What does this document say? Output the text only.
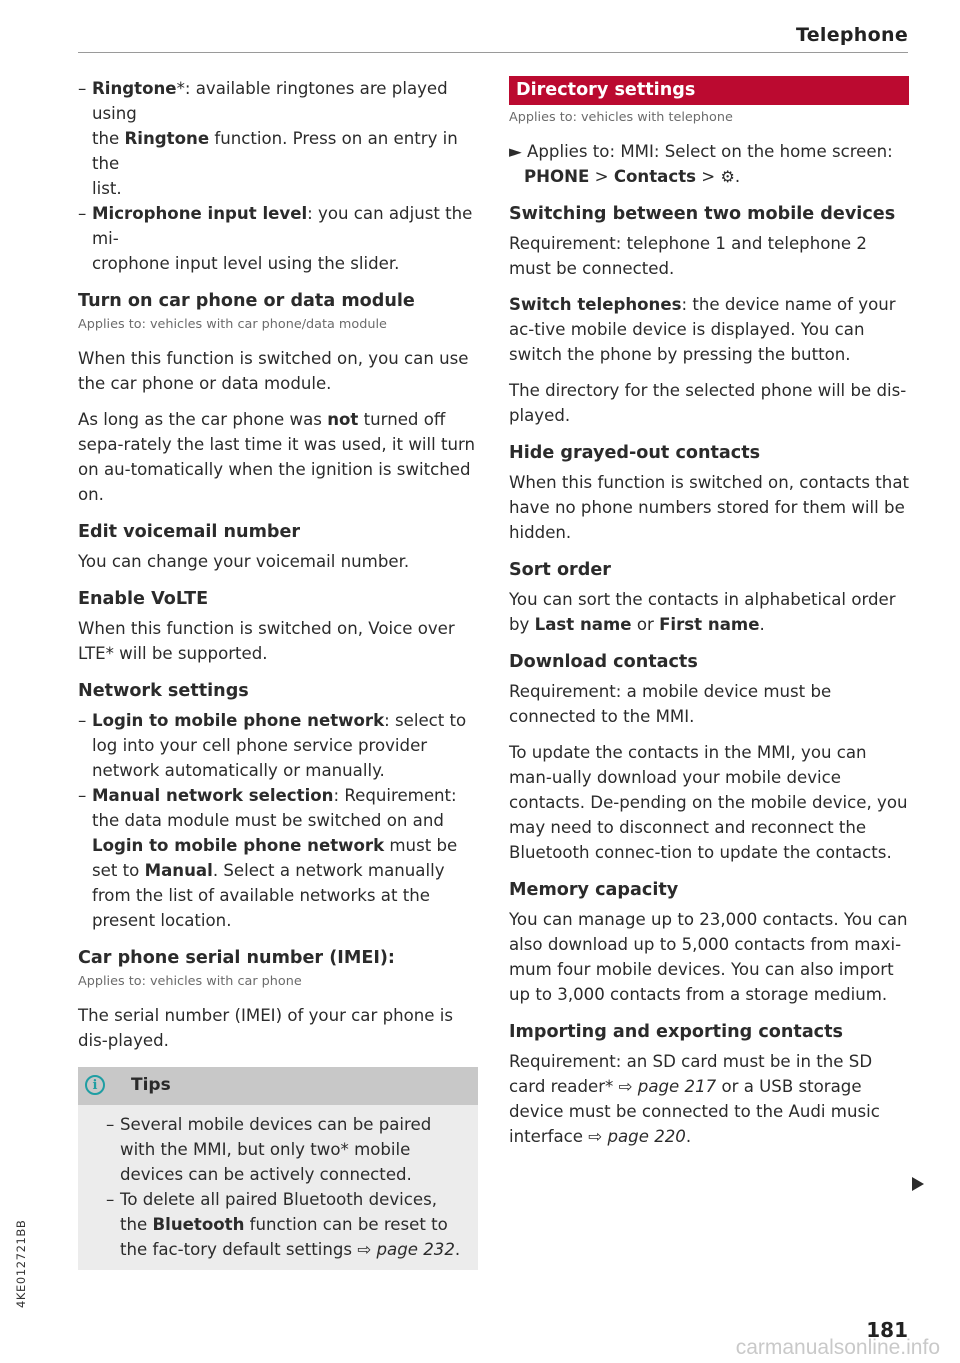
Telephone

– Ringtone*: available ringtones are played using
the Ringtone function. Press on an entry in the
list.

– Microphone input level: you can adjust the mi-
crophone input level using the slider.

Turn on car phone or data module
Applies to: vehicles with car phone/data module

When this function is switched on, you can use the car phone or data module.

As long as the car phone was not turned off sepa-rately the last time it was used, it will turn on au-tomatically when the ignition is switched on.

Edit voicemail number

You can change your voicemail number.

Enable VoLTE

When this function is switched on, Voice over LTE* will be supported.

Network settings

– Login to mobile phone network: select to log into your cell phone service provider network automatically or manually.

– Manual network selection: Requirement: the data module must be switched on and Login to mobile phone network must be set to Manual. Select a network manually from the list of available networks at the present location.

Car phone serial number (IMEI):
Applies to: vehicles with car phone

The serial number (IMEI) of your car phone is dis-played.

i	Tips

– Several mobile devices can be paired with the MMI, but only two* mobile devices can be actively connected.

– To delete all paired Bluetooth devices, the Bluetooth function can be reset to the fac-tory default settings ⇨ page 232.

Directory settings
Applies to: vehicles with telephone

► Applies to: MMI: Select on the home screen:
PHONE > Contacts > ⚙.

Switching between two mobile devices

Requirement: telephone 1 and telephone 2 must be connected.

Switch telephones: the device name of your ac-tive mobile device is displayed. You can switch the phone by pressing the button.

The directory for the selected phone will be dis-played.

Hide grayed-out contacts

When this function is switched on, contacts that have no phone numbers stored for them will be hidden.

Sort order

You can sort the contacts in alphabetical order by Last name or First name.

Download contacts

Requirement: a mobile device must be connected to the MMI.

To update the contacts in the MMI, you can man-ually download your mobile device contacts. De-pending on the mobile device, you may need to disconnect and reconnect the Bluetooth connec-tion to update the contacts.

Memory capacity

You can manage up to 23,000 contacts. You can also download up to 5,000 contacts from maxi-mum four mobile devices. You can also import up to 3,000 contacts from a storage medium.

Importing and exporting contacts

Requirement: an SD card must be in the SD card reader* ⇨ page 217 or a USB storage device must be connected to the Audi music interface ⇨ page 220.

181
4KE012721BB
carmanualsonline.info
